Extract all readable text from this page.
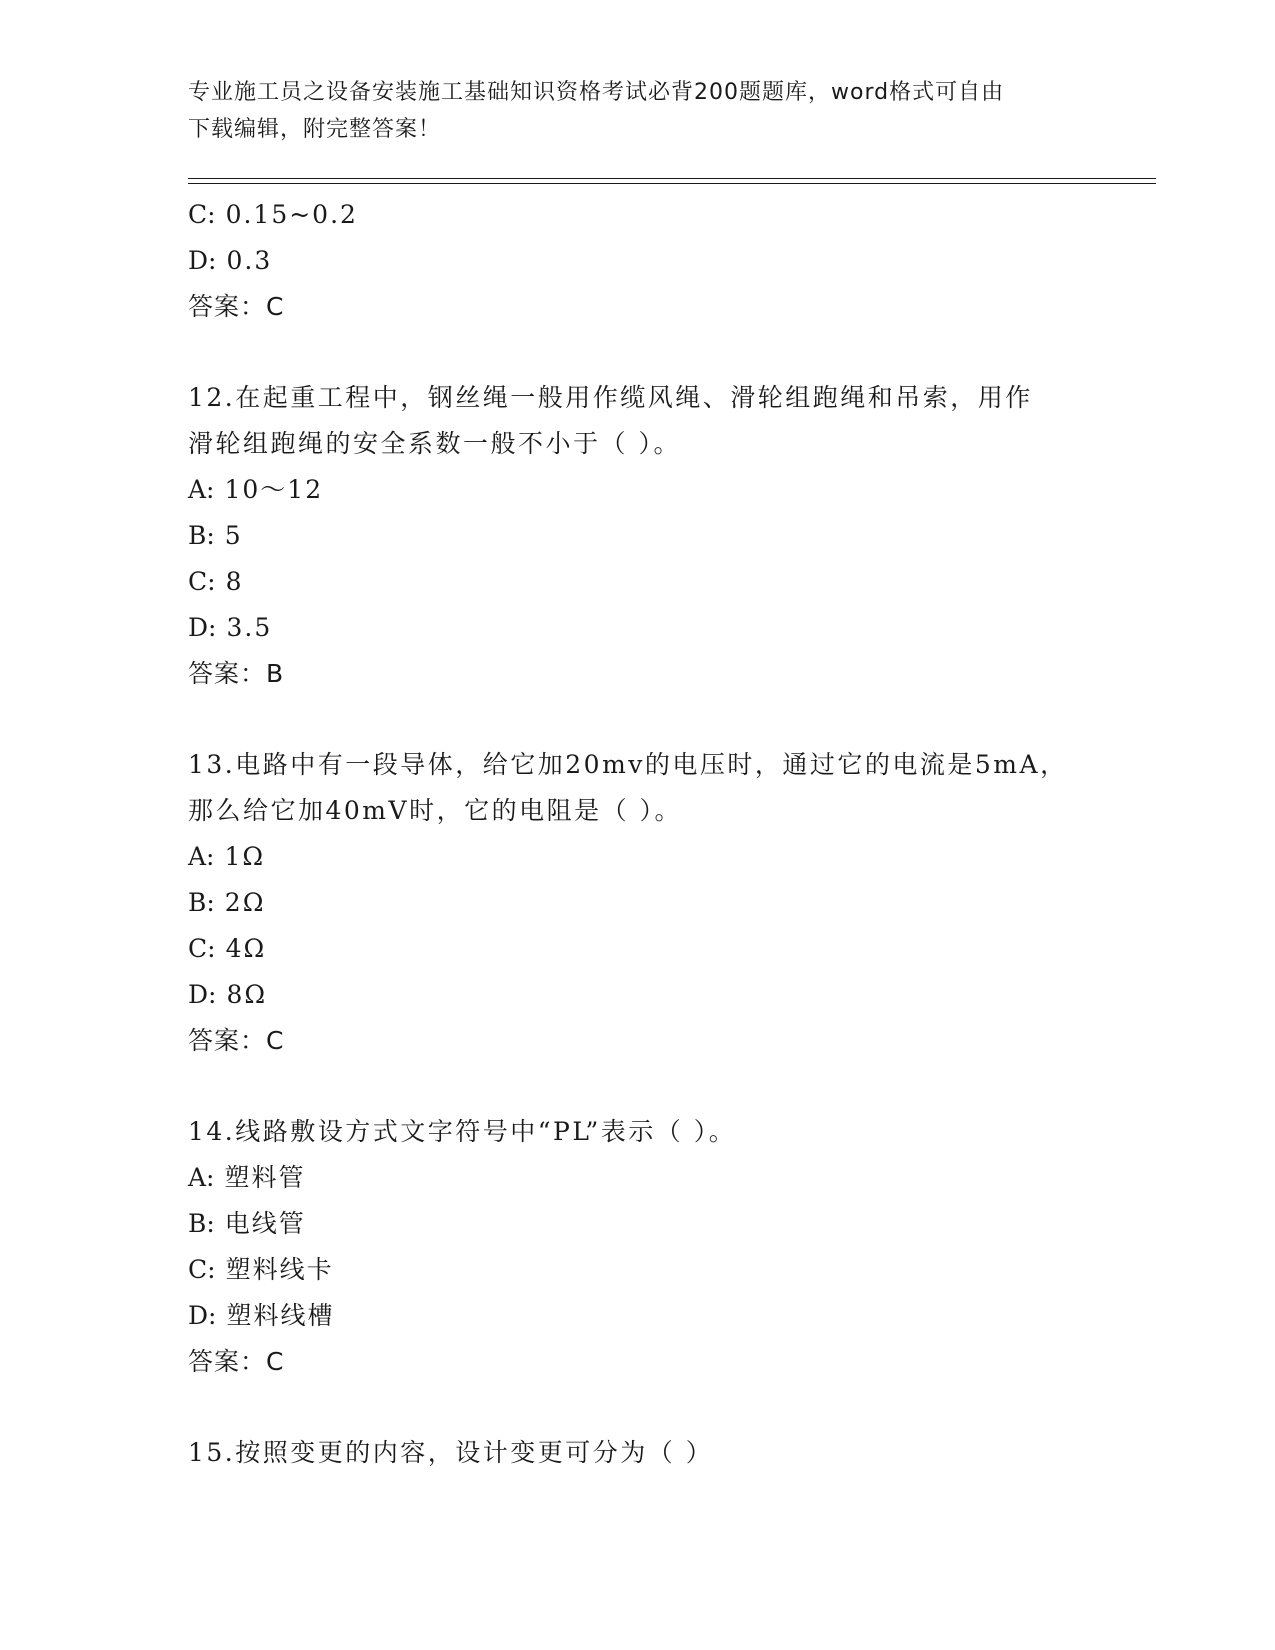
专业施工员之设备安装施工基础知识资格考试必背200题题库，word格式可自由
下载编辑，附完整答案！
C: 0.15~0.2
D: 0.3
答案：C
12.在起重工程中，钢丝绳一般用作缆风绳、滑轮组跑绳和吊索，用作
滑轮组跑绳的安全系数一般不小于（ ）。
A: 10～12
B: 5
C: 8
D: 3.5
答案：B
13.电路中有一段导体，给它加20mv的电压时，通过它的电流是5mA，
那么给它加40mV时，它的电阻是（ ）。
A: 1Ω
B: 2Ω
C: 4Ω
D: 8Ω
答案：C
14.线路敷设方式文字符号中“PL”表示（ ）。
A: 塑料管
B: 电线管
C: 塑料线卡
D: 塑料线槽
答案：C
15.按照变更的内容，设计变更可分为（ ）
